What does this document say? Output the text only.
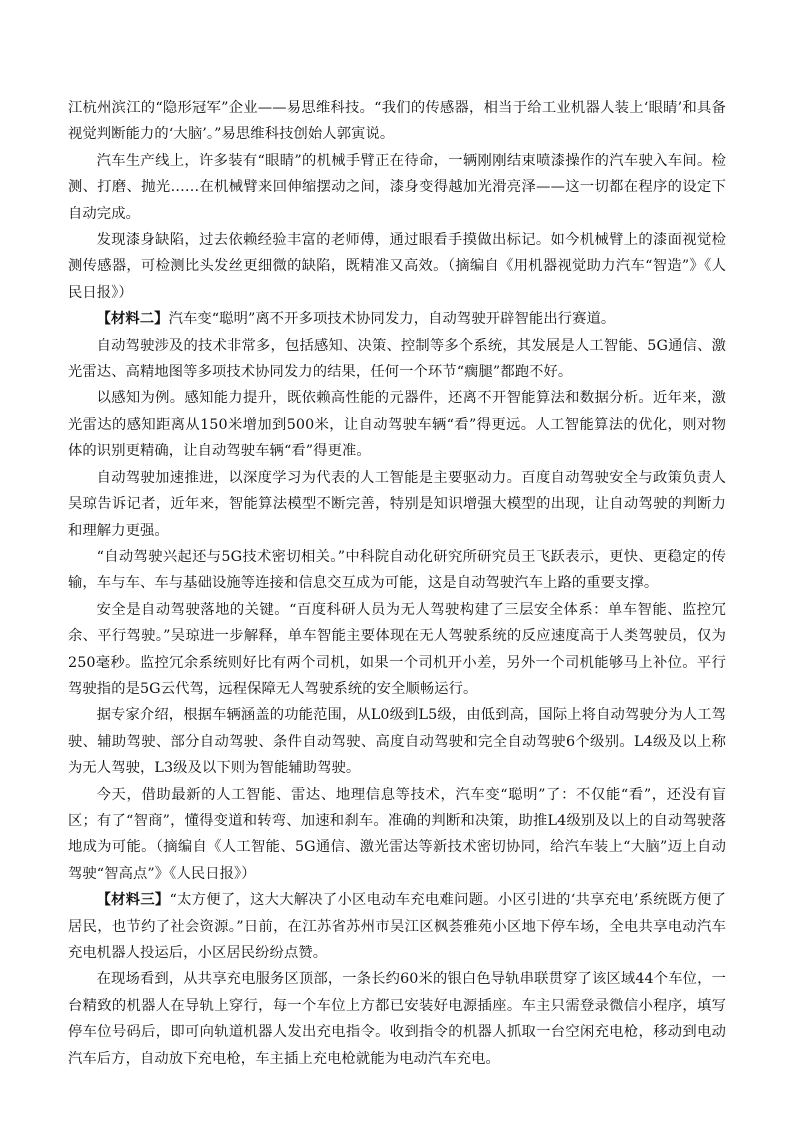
江杭州滨江的“隐形冠军”企业——易思维科技。“我们的传感器，相当于给工业机器人装上‘眼睛’和具备视觉判断能力的‘大脑’。”易思维科技创始人郭寅说。

汽车生产线上，许多装有“眼睛”的机械手臂正在待命，一辆刚刚结束喷漆操作的汽车驶入车间。检测、打磨、抛光……在机械臂来回伸缩摆动之间，漆身变得越加光滑亮泽——这一切都在程序的设定下自动完成。

发现漆身缺陷，过去依赖经验丰富的老师傅，通过眼看手摸做出标记。如今机械臂上的漆面视觉检测传感器，可检测比头发丝更细微的缺陷，既精准又高效。（摘编自《用机器视觉助力汽车“智造”》《人民日报》）

【材料二】汽车变“聪明”离不开多项技术协同发力，自动驾驶开辟智能出行赛道。

自动驾驶涉及的技术非常多，包括感知、决策、控制等多个系统，其发展是人工智能、5G通信、激光雷达、高精地图等多项技术协同发力的结果，任何一个环节“瘸腿”都跑不好。

以感知为例。感知能力提升，既依赖高性能的元器件，还离不开智能算法和数据分析。近年来，激光雷达的感知距离从150米增加到500米，让自动驾驶车辆“看”得更远。人工智能算法的优化，则对物体的识别更精确，让自动驾驶车辆“看”得更准。

自动驾驶加速推进，以深度学习为代表的人工智能是主要驱动力。百度自动驾驶安全与政策负责人吴琼告诉记者，近年来，智能算法模型不断完善，特别是知识增强大模型的出现，让自动驾驶的判断力和理解力更强。

“自动驾驶兴起还与5G技术密切相关。”中科院自动化研究所研究员王飞跃表示，更快、更稳定的传输，车与车、车与基础设施等连接和信息交互成为可能，这是自动驾驶汽车上路的重要支撑。

安全是自动驾驶落地的关键。“百度科研人员为无人驾驶构建了三层安全体系：单车智能、监控冗余、平行驾驶。”吴琼进一步解释，单车智能主要体现在无人驾驶系统的反应速度高于人类驾驶员，仅为250毫秒。监控冗余系统则好比有两个司机，如果一个司机开小差，另外一个司机能够马上补位。平行驾驶指的是5G云代驾，远程保障无人驾驶系统的安全顺畅运行。

据专家介绍，根据车辆涵盖的功能范围，从L0级到L5级，由低到高，国际上将自动驾驶分为人工驾驶、辅助驾驶、部分自动驾驶、条件自动驾驶、高度自动驾驶和完全自动驾驶6个级别。L4级及以上称为无人驾驶，L3级及以下则为智能辅助驾驶。

今天，借助最新的人工智能、雷达、地理信息等技术，汽车变“聪明”了：不仅能“看”，还没有盲区；有了“智商”，懂得变道和转弯、加速和刹车。准确的判断和决策，助推L4级别及以上的自动驾驶落地成为可能。（摘编自《人工智能、5G通信、激光雷达等新技术密切协同，给汽车装上“大脑”迈上自动驾驶“智高点”》《人民日报》）

【材料三】“太方便了，这大大解决了小区电动车充电难问题。小区引进的‘共享充电’系统既方便了居民，也节约了社会资源。”日前，在江苏省苏州市吴江区枫荟雅苑小区地下停车场，全电共享电动汽车充电机器人投运后，小区居民纷纷点赞。

在现场看到，从共享充电服务区顶部，一条长约60米的银白色导轨串联贯穿了该区域44个车位，一台精致的机器人在导轨上穿行，每一个车位上方都已安装好电源插座。车主只需登录微信小程序，填写停车位号码后，即可向轨道机器人发出充电指令。收到指令的机器人抓取一台空闲充电枪，移动到电动汽车后方，自动放下充电枪，车主插上充电枪就能为电动汽车充电。
